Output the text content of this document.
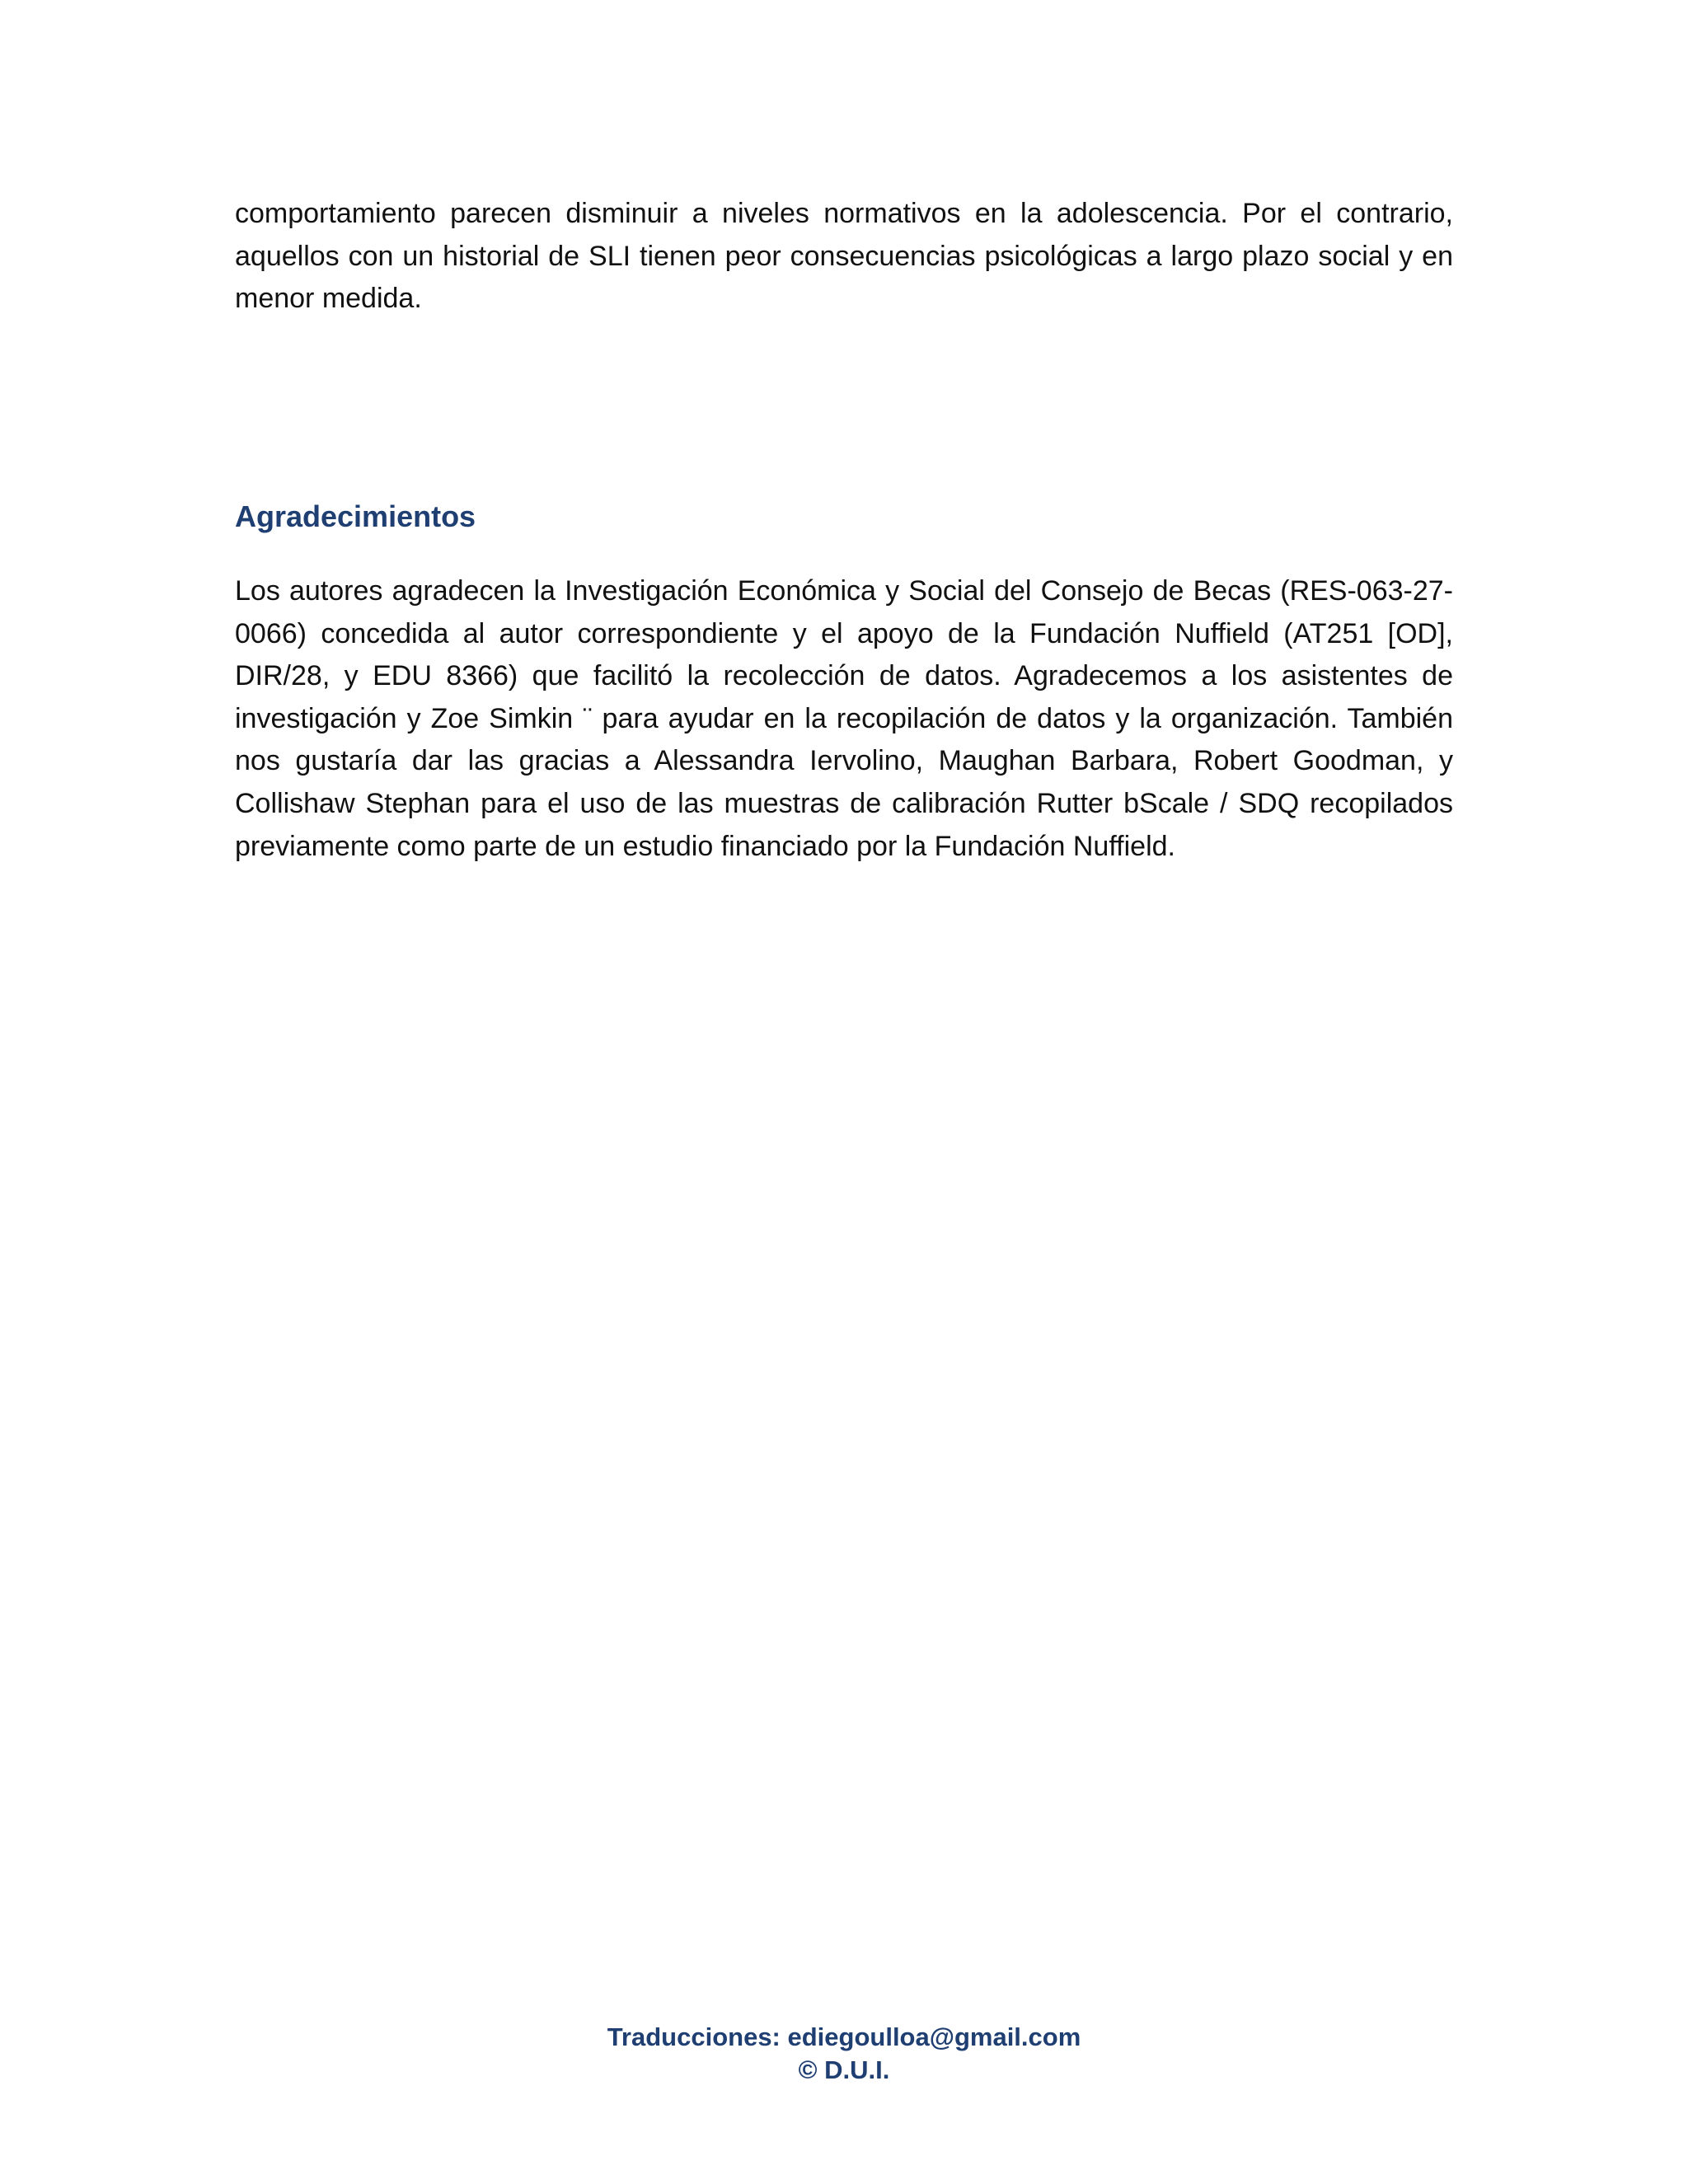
comportamiento parecen disminuir a niveles normativos en la adolescencia. Por el contrario, aquellos con un historial de SLI tienen peor consecuencias psicológicas a largo plazo social y en menor medida.

Agradecimientos

Los autores agradecen la Investigación Económica y Social del Consejo de Becas (RES-063-27-0066) concedida al autor correspondiente y el apoyo de la Fundación Nuffield (AT251 [OD], DIR/28, y EDU 8366) que facilitó la recolección de datos. Agradecemos a los asistentes de investigación y Zoe Simkin ¨ para ayudar en la recopilación de datos y la organización. También nos gustaría dar las gracias a Alessandra Iervolino, Maughan Barbara, Robert Goodman, y Collishaw Stephan para el uso de las muestras de calibración Rutter bScale / SDQ recopilados previamente como parte de un estudio financiado por la Fundación Nuffield.

Traducciones: ediegoulloa@gmail.com
© D.U.I.
